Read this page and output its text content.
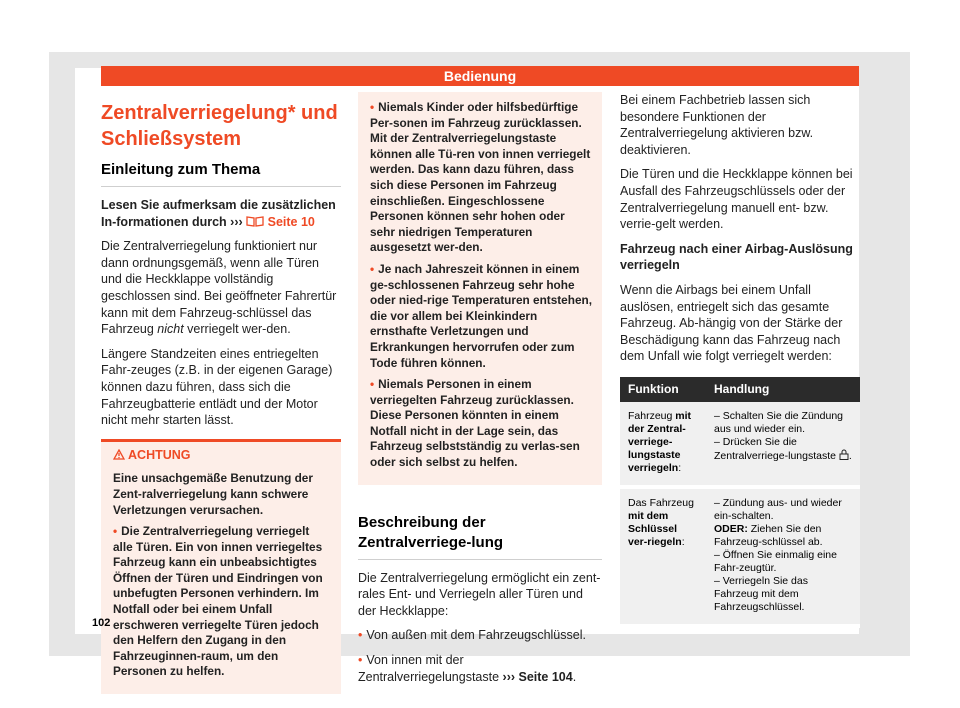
Bedienung
Zentralverriegelung* und Schließsystem
Einleitung zum Thema

Lesen Sie aufmerksam die zusätzlichen In-formationen durch ››› Seite 10

Die Zentralverriegelung funktioniert nur dann ordnungsgemäß, wenn alle Türen und die Heckklappe vollständig geschlossen sind. Bei geöffneter Fahrertür kann mit dem Fahrzeug-schlüssel das Fahrzeug nicht verriegelt wer-den.

Längere Standzeiten eines entriegelten Fahr-zeuges (z.B. in der eigenen Garage) können dazu führen, dass sich die Fahrzeugbatterie entlädt und der Motor nicht mehr starten lässt.

ACHTUNG

Eine unsachgemäße Benutzung der Zent-ralverriegelung kann schwere Verletzungen verursachen.

• Die Zentralverriegelung verriegelt alle Türen. Ein von innen verriegeltes Fahrzeug kann ein unbeabsichtigtes Öffnen der Türen und Eindringen von unbefugten Personen verhindern. Im Notfall oder bei einem Unfall erschweren verriegelte Türen jedoch den Helfern den Zugang in den Fahrzeuginnen-raum, um den Personen zu helfen.

• Niemals Kinder oder hilfsbedürftige Per-sonen im Fahrzeug zurücklassen. Mit der Zentralverriegelungstaste können alle Tü-ren von innen verriegelt werden. Das kann dazu führen, dass sich diese Personen im Fahrzeug einschließen. Eingeschlossene Personen können sehr hohen oder sehr niedrigen Temperaturen ausgesetzt wer-den.

• Je nach Jahreszeit können in einem ge-schlossenen Fahrzeug sehr hohe oder nied-rige Temperaturen entstehen, die vor allem bei Kleinkindern ernsthafte Verletzungen und Erkrankungen hervorrufen oder zum Tode führen können.

• Niemals Personen in einem verriegelten Fahrzeug zurücklassen. Diese Personen könnten in einem Notfall nicht in der Lage sein, das Fahrzeug selbstständig zu verlas-sen oder sich selbst zu helfen.

Beschreibung der Zentralverriege-lung

Die Zentralverriegelung ermöglicht ein zent-rales Ent- und Verriegeln aller Türen und der Heckklappe:

• Von außen mit dem Fahrzeugschlüssel.

• Von innen mit der Zentralverriegelungstaste ››› Seite 104.

Bei einem Fachbetrieb lassen sich besondere Funktionen der Zentralverriegelung aktivieren bzw. deaktivieren.

Die Türen und die Heckklappe können bei Ausfall des Fahrzeugschlüssels oder der Zentralverriegelung manuell ent- bzw. verrie-gelt werden.

Fahrzeug nach einer Airbag-Auslösung verriegeln

Wenn die Airbags bei einem Unfall auslösen, entriegelt sich das gesamte Fahrzeug. Ab-hängig von der Stärke der Beschädigung kann das Fahrzeug nach dem Unfall wie folgt verriegelt werden:

Funktion	Handlung
Fahrzeug mit der Zentral-verriege-lungstaste verriegeln:	– Schalten Sie die Zündung aus und wieder ein.
– Drücken Sie die Zentralverriege-lungstaste .

Das Fahrzeug mit dem Schlüssel ver-riegeln:	– Zündung aus- und wieder ein-schalten.
ODER: Ziehen Sie den Fahrzeug-schlüssel ab.
– Öffnen Sie einmalig eine Fahr-zeugtür.
– Verriegeln Sie das Fahrzeug mit dem Fahrzeugschlüssel.
102
